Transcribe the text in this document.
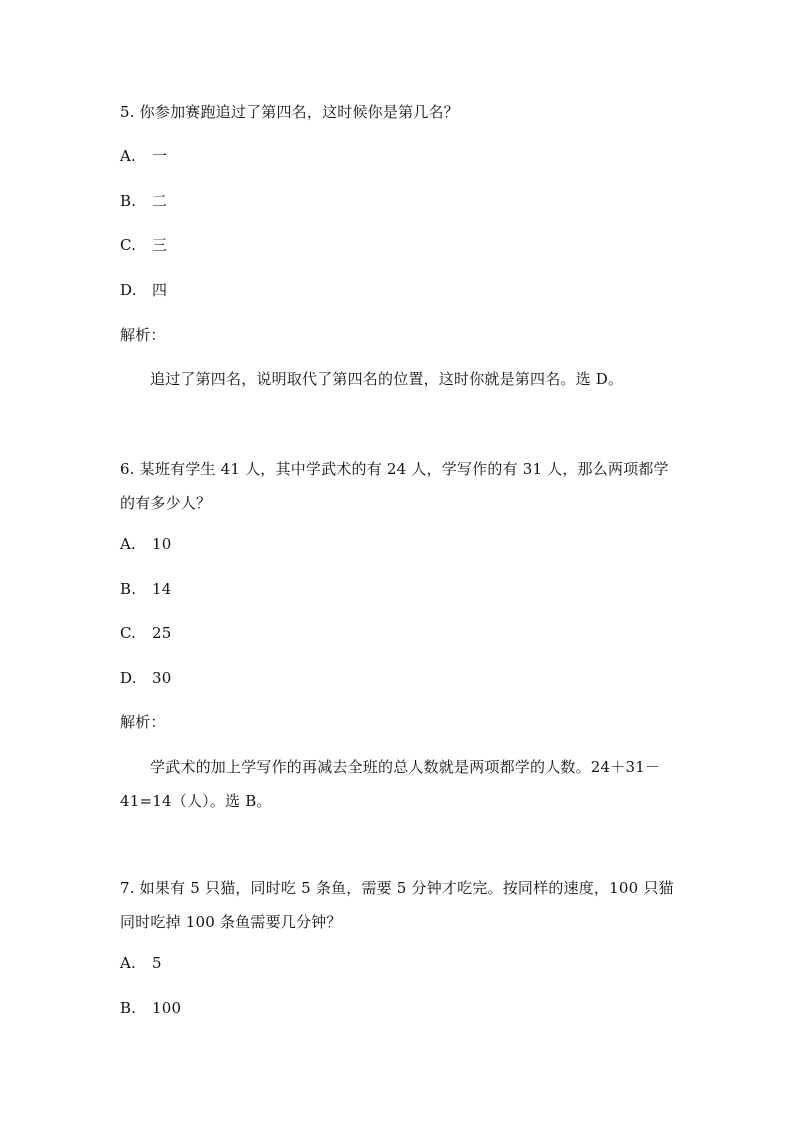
5. 你参加赛跑追过了第四名，这时候你是第几名？
A. 一
B. 二
C. 三
D. 四
解析：
追过了第四名，说明取代了第四名的位置，这时你就是第四名。选 D。
6. 某班有学生 41 人，其中学武术的有 24 人，学写作的有 31 人，那么两项都学的有多少人？
A. 10
B. 14
C. 25
D. 30
解析：
学武术的加上学写作的再减去全班的总人数就是两项都学的人数。24＋31－41=14（人）。选 B。
7. 如果有 5 只猫，同时吃 5 条鱼，需要 5 分钟才吃完。按同样的速度，100 只猫同时吃掉 100 条鱼需要几分钟？
A. 5
B. 100
